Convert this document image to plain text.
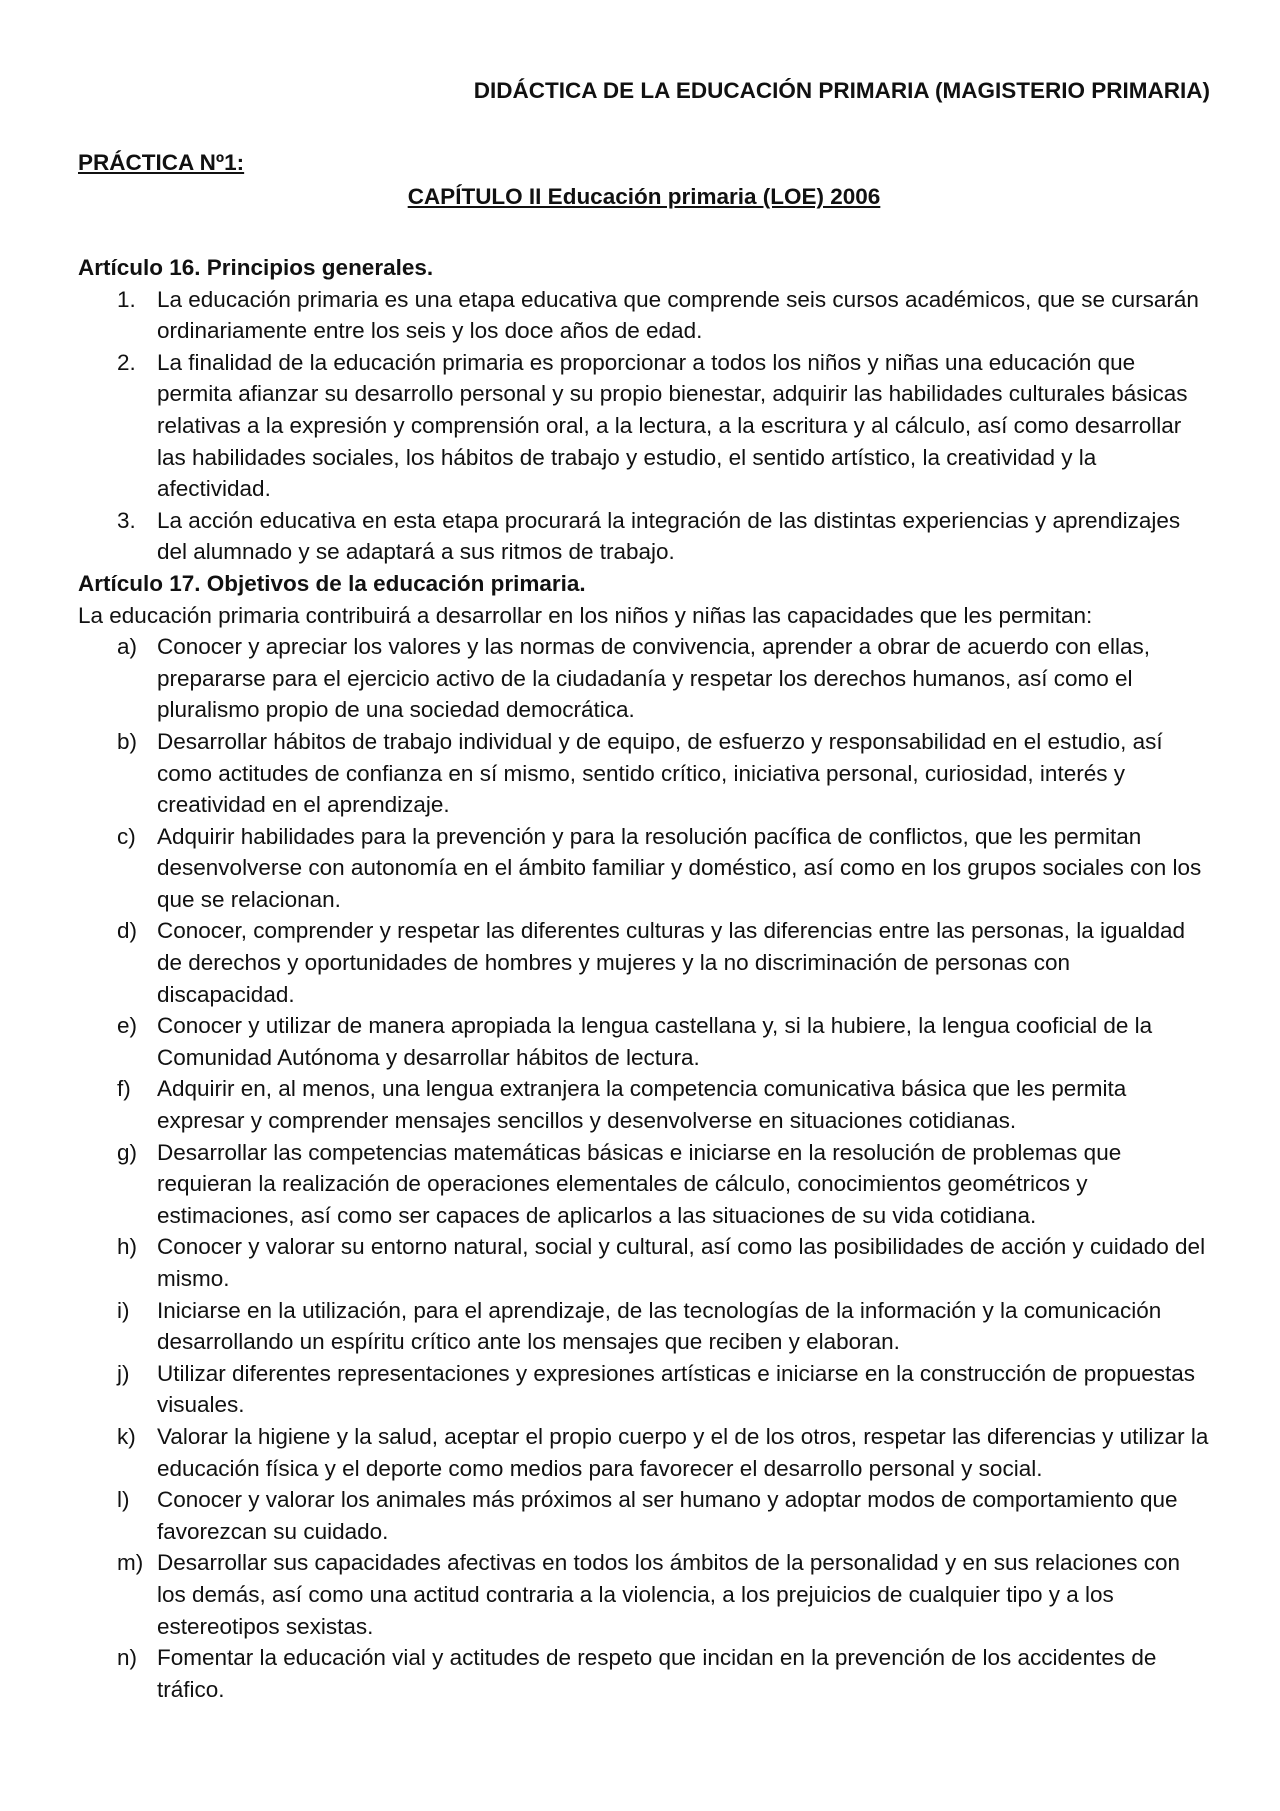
DIDÁCTICA DE LA EDUCACIÓN PRIMARIA (MAGISTERIO PRIMARIA)
PRÁCTICA Nº1:
CAPÍTULO II Educación primaria (LOE) 2006

Artículo 16. Principios generales.

1. La educación primaria es una etapa educativa que comprende seis cursos académicos, que se cursarán ordinariamente entre los seis y los doce años de edad.
2. La finalidad de la educación primaria es proporcionar a todos los niños y niñas una educación que permita afianzar su desarrollo personal y su propio bienestar, adquirir las habilidades culturales básicas relativas a la expresión y comprensión oral, a la lectura, a la escritura y al cálculo, así como desarrollar las habilidades sociales, los hábitos de trabajo y estudio, el sentido artístico, la creatividad y la afectividad.
3. La acción educativa en esta etapa procurará la integración de las distintas experiencias y aprendizajes del alumnado y se adaptará a sus ritmos de trabajo.

Artículo 17. Objetivos de la educación primaria.

La educación primaria contribuirá a desarrollar en los niños y niñas las capacidades que les permitan:

a) Conocer y apreciar los valores y las normas de convivencia, aprender a obrar de acuerdo con ellas, prepararse para el ejercicio activo de la ciudadanía y respetar los derechos humanos, así como el pluralismo propio de una sociedad democrática.
b) Desarrollar hábitos de trabajo individual y de equipo, de esfuerzo y responsabilidad en el estudio, así como actitudes de confianza en sí mismo, sentido crítico, iniciativa personal, curiosidad, interés y creatividad en el aprendizaje.
c) Adquirir habilidades para la prevención y para la resolución pacífica de conflictos, que les permitan desenvolverse con autonomía en el ámbito familiar y doméstico, así como en los grupos sociales con los que se relacionan.
d) Conocer, comprender y respetar las diferentes culturas y las diferencias entre las personas, la igualdad de derechos y oportunidades de hombres y mujeres y la no discriminación de personas con discapacidad.
e) Conocer y utilizar de manera apropiada la lengua castellana y, si la hubiere, la lengua cooficial de la Comunidad Autónoma y desarrollar hábitos de lectura.
f) Adquirir en, al menos, una lengua extranjera la competencia comunicativa básica que les permita expresar y comprender mensajes sencillos y desenvolverse en situaciones cotidianas.
g) Desarrollar las competencias matemáticas básicas e iniciarse en la resolución de problemas que requieran la realización de operaciones elementales de cálculo, conocimientos geométricos y estimaciones, así como ser capaces de aplicarlos a las situaciones de su vida cotidiana.
h) Conocer y valorar su entorno natural, social y cultural, así como las posibilidades de acción y cuidado del mismo.
i) Iniciarse en la utilización, para el aprendizaje, de las tecnologías de la información y la comunicación desarrollando un espíritu crítico ante los mensajes que reciben y elaboran.
j) Utilizar diferentes representaciones y expresiones artísticas e iniciarse en la construcción de propuestas visuales.
k) Valorar la higiene y la salud, aceptar el propio cuerpo y el de los otros, respetar las diferencias y utilizar la educación física y el deporte como medios para favorecer el desarrollo personal y social.
l) Conocer y valorar los animales más próximos al ser humano y adoptar modos de comportamiento que favorezcan su cuidado.
m) Desarrollar sus capacidades afectivas en todos los ámbitos de la personalidad y en sus relaciones con los demás, así como una actitud contraria a la violencia, a los prejuicios de cualquier tipo y a los estereotipos sexistas.
n) Fomentar la educación vial y actitudes de respeto que incidan en la prevención de los accidentes de tráfico.
